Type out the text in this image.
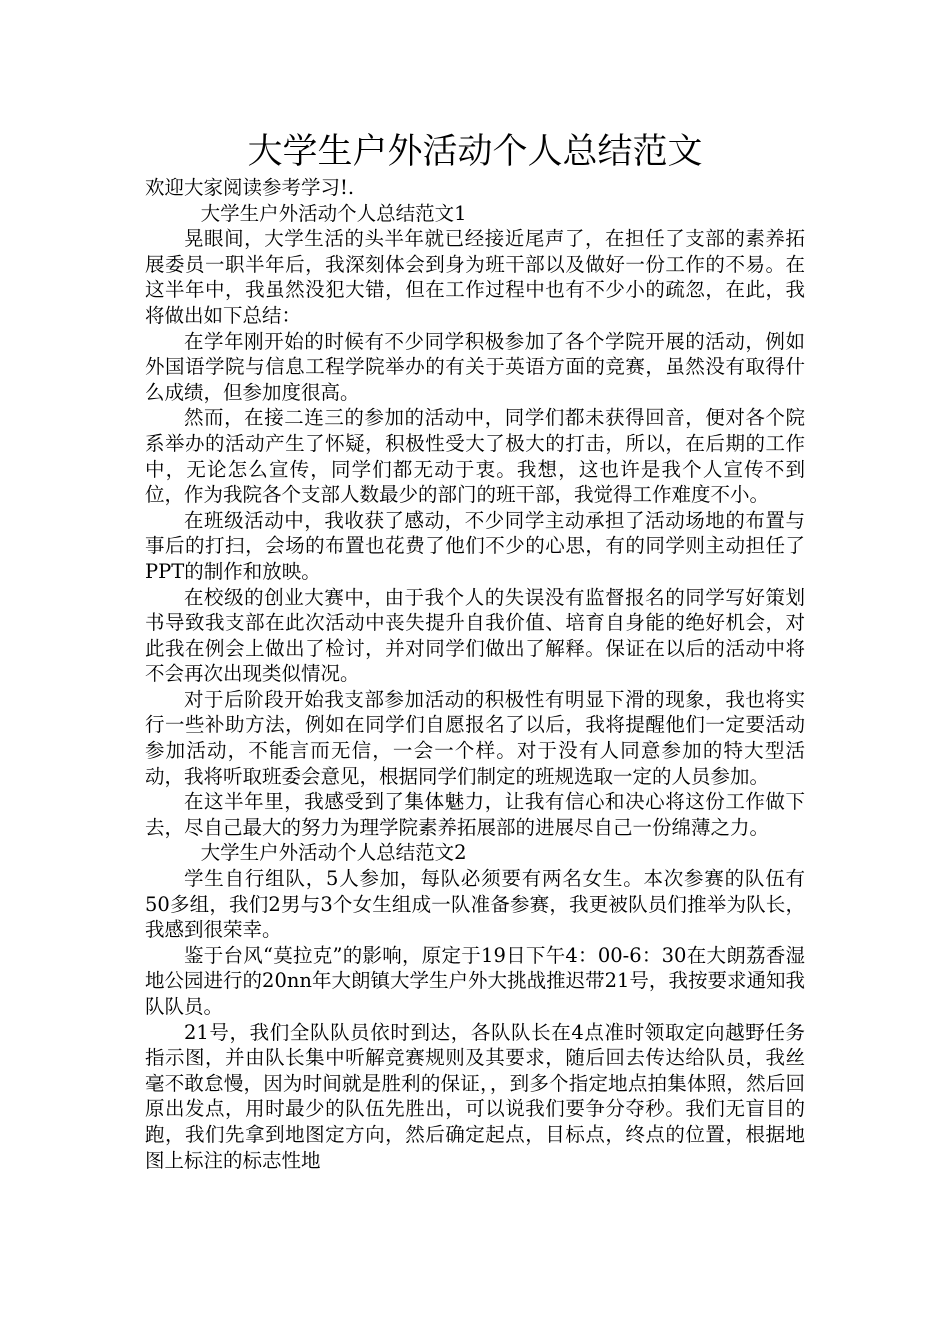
大学生户外活动个人总结范文

欢迎大家阅读参考学习!.

大学生户外活动个人总结范文1

晃眼间，大学生活的头半年就已经接近尾声了，在担任了支部的素养拓展委员一职半年后，我深刻体会到身为班干部以及做好一份工作的不易。在这半年中，我虽然没犯大错，但在工作过程中也有不少小的疏忽，在此，我将做出如下总结：

在学年刚开始的时候有不少同学积极参加了各个学院开展的活动，例如外国语学院与信息工程学院举办的有关于英语方面的竞赛，虽然没有取得什么成绩，但参加度很高。

然而，在接二连三的参加的活动中，同学们都未获得回音，便对各个院系举办的活动产生了怀疑，积极性受大了极大的打击，所以，在后期的工作中，无论怎么宣传，同学们都无动于衷。我想，这也许是我个人宣传不到位，作为我院各个支部人数最少的部门的班干部，我觉得工作难度不小。

在班级活动中，我收获了感动，不少同学主动承担了活动场地的布置与事后的打扫，会场的布置也花费了他们不少的心思，有的同学则主动担任了PPT的制作和放映。

在校级的创业大赛中，由于我个人的失误没有监督报名的同学写好策划书导致我支部在此次活动中丧失提升自我价值、培育自身能的绝好机会，对此我在例会上做出了检讨，并对同学们做出了解释。保证在以后的活动中将不会再次出现类似情况。

对于后阶段开始我支部参加活动的积极性有明显下滑的现象，我也将实行一些补助方法，例如在同学们自愿报名了以后，我将提醒他们一定要活动参加活动，不能言而无信，一会一个样。对于没有人同意参加的特大型活动，我将听取班委会意见，根据同学们制定的班规选取一定的人员参加。

在这半年里，我感受到了集体魅力，让我有信心和决心将这份工作做下去，尽自己最大的努力为理学院素养拓展部的进展尽自己一份绵薄之力。

大学生户外活动个人总结范文2

学生自行组队，5人参加，每队必须要有两名女生。本次参赛的队伍有50多组，我们2男与3个女生组成一队准备参赛，我更被队员们推举为队长，我感到很荣幸。

鉴于台风“莫拉克”的影响，原定于19日下午4：00-6：30在大朗荔香湿地公园进行的20nn年大朗镇大学生户外大挑战推迟带21号，我按要求通知我队队员。

21号，我们全队队员依时到达，各队队长在4点准时领取定向越野任务指示图，并由队长集中听解竞赛规则及其要求，随后回去传达给队员，我丝毫不敢怠慢，因为时间就是胜利的保证，，到多个指定地点拍集体照，然后回原出发点，用时最少的队伍先胜出，可以说我们要争分夺秒。我们无盲目的跑，我们先拿到地图定方向，然后确定起点，目标点，终点的位置，根据地图上标注的标志性地
